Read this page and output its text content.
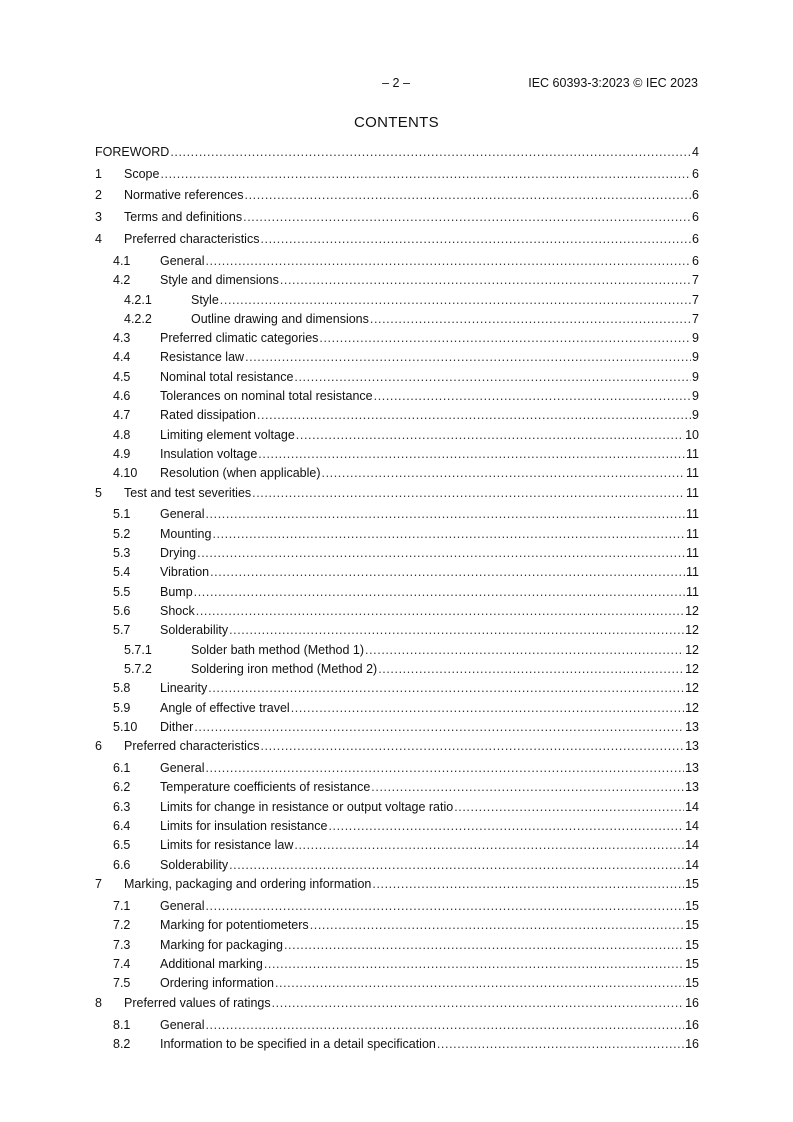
– 2 –	IEC 60393-3:2023 © IEC 2023
CONTENTS
FOREWORD .....	4
1	Scope .....	6
2	Normative references .....	6
3	Terms and definitions .....	6
4	Preferred characteristics .....	6
4.1	General .....	6
4.2	Style and dimensions .....	7
4.2.1	Style .....	7
4.2.2	Outline drawing and dimensions .....	7
4.3	Preferred climatic categories .....	9
4.4	Resistance law .....	9
4.5	Nominal total resistance .....	9
4.6	Tolerances on nominal total resistance .....	9
4.7	Rated dissipation .....	9
4.8	Limiting element voltage .....	10
4.9	Insulation voltage .....	11
4.10	Resolution (when applicable) .....	11
5	Test and test severities .....	11
5.1	General .....	11
5.2	Mounting .....	11
5.3	Drying .....	11
5.4	Vibration .....	11
5.5	Bump .....	11
5.6	Shock .....	12
5.7	Solderability .....	12
5.7.1	Solder bath method (Method 1) .....	12
5.7.2	Soldering iron method (Method 2) .....	12
5.8	Linearity .....	12
5.9	Angle of effective travel .....	12
5.10	Dither .....	13
6	Preferred characteristics .....	13
6.1	General .....	13
6.2	Temperature coefficients of resistance .....	13
6.3	Limits for change in resistance or output voltage ratio .....	14
6.4	Limits for insulation resistance .....	14
6.5	Limits for resistance law .....	14
6.6	Solderability .....	14
7	Marking, packaging and ordering information .....	15
7.1	General .....	15
7.2	Marking for potentiometers .....	15
7.3	Marking for packaging .....	15
7.4	Additional marking .....	15
7.5	Ordering information .....	15
8	Preferred values of ratings .....	16
8.1	General .....	16
8.2	Information to be specified in a detail specification .....	16
